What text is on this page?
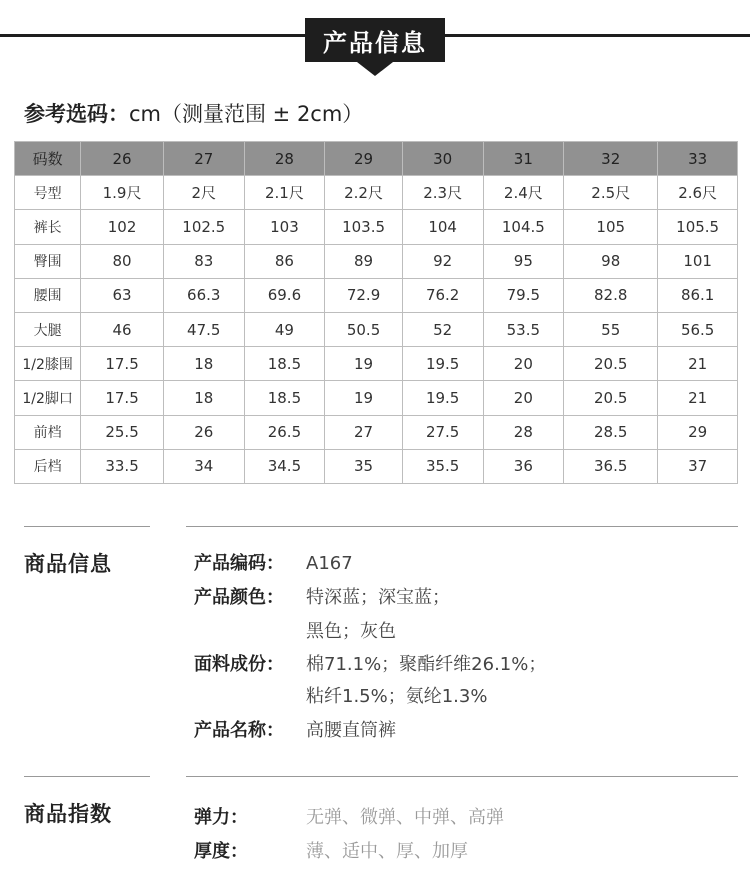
产品信息
参考选码：cm（测量范围 ± 2cm）
码数	26	27	28	29	30	31	32	33
号型	1.9尺	2尺	2.1尺	2.2尺	2.3尺	2.4尺	2.5尺	2.6尺
裤长	102	102.5	103	103.5	104	104.5	105	105.5
臀围	80	83	86	89	92	95	98	101
腰围	63	66.3	69.6	72.9	76.2	79.5	82.8	86.1
大腿	46	47.5	49	50.5	52	53.5	55	56.5
1/2膝围	17.5	18	18.5	19	19.5	20	20.5	21
1/2脚口	17.5	18	18.5	19	19.5	20	20.5	21
前档	25.5	26	26.5	27	27.5	28	28.5	29
后档	33.5	34	34.5	35	35.5	36	36.5	37
商品信息	产品编码： A167
产品颜色： 特深蓝；深宝蓝；
黑色；灰色
面料成份： 棉71.1%；聚酯纤维26.1%；
粘纤1.5%；氨纶1.3%
产品名称： 高腰直筒裤
商品指数	弹力：	无弹、微弹、中弹、高弹
厚度：	薄、适中、厚、加厚
